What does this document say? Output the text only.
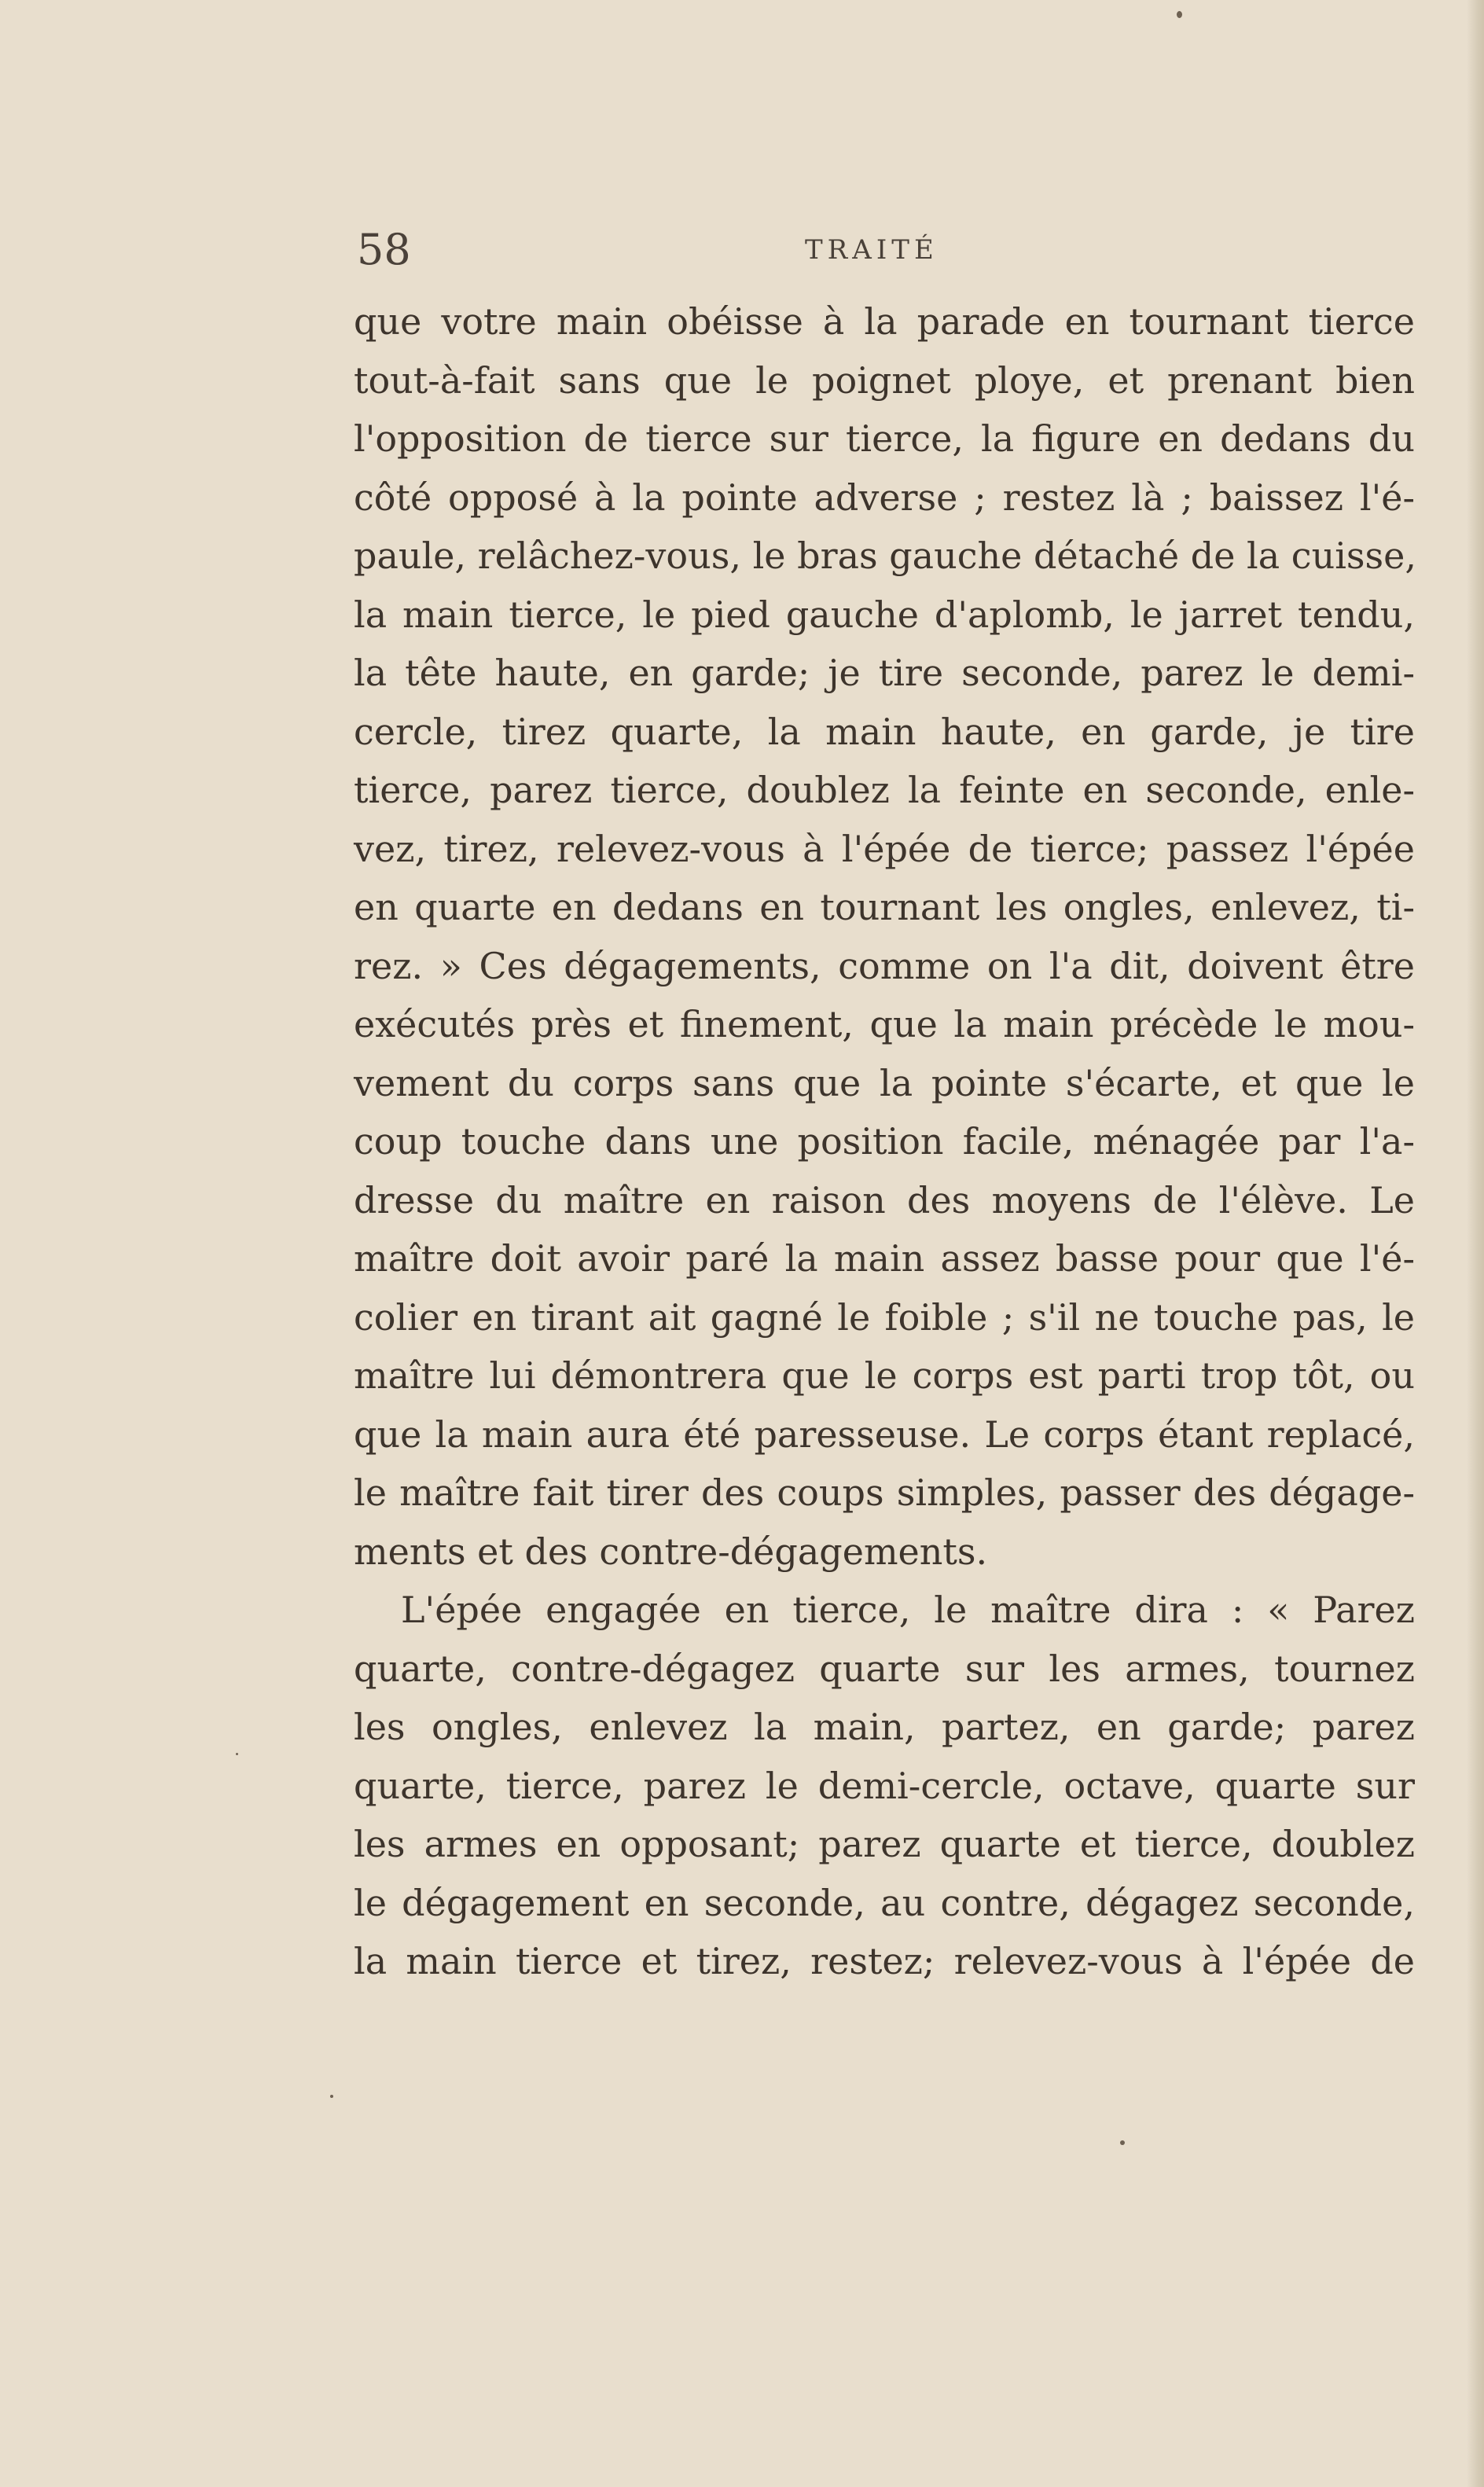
58	TRAITÉ
que votre main obéisse à la parade en tournant tierce
tout-à-fait sans que le poignet ploye, et prenant bien
l'opposition de tierce sur tierce, la figure en dedans du
côté opposé à la pointe adverse ; restez là ; baissez l'é-
paule, relâchez-vous, le bras gauche détaché de la cuisse,
la main tierce, le pied gauche d'aplomb, le jarret tendu,
la tête haute, en garde; je tire seconde, parez le demi-
cercle, tirez quarte, la main haute, en garde, je tire
tierce, parez tierce, doublez la feinte en seconde, enle-
vez, tirez, relevez-vous à l'épée de tierce; passez l'épée
en quarte en dedans en tournant les ongles, enlevez, ti-
rez. » Ces dégagements, comme on l'a dit, doivent être
exécutés près et finement, que la main précède le mou-
vement du corps sans que la pointe s'écarte, et que le
coup touche dans une position facile, ménagée par l'a-
dresse du maître en raison des moyens de l'élève. Le
maître doit avoir paré la main assez basse pour que l'é-
colier en tirant ait gagné le foible ; s'il ne touche pas, le
maître lui démontrera que le corps est parti trop tôt, ou
que la main aura été paresseuse. Le corps étant replacé,
le maître fait tirer des coups simples, passer des dégage-
ments et des contre-dégagements.
L'épée engagée en tierce, le maître dira : « Parez
quarte, contre-dégagez quarte sur les armes, tournez
les ongles, enlevez la main, partez, en garde; parez
quarte, tierce, parez le demi-cercle, octave, quarte sur
les armes en opposant; parez quarte et tierce, doublez
le dégagement en seconde, au contre, dégagez seconde,
la main tierce et tirez, restez; relevez-vous à l'épée de
